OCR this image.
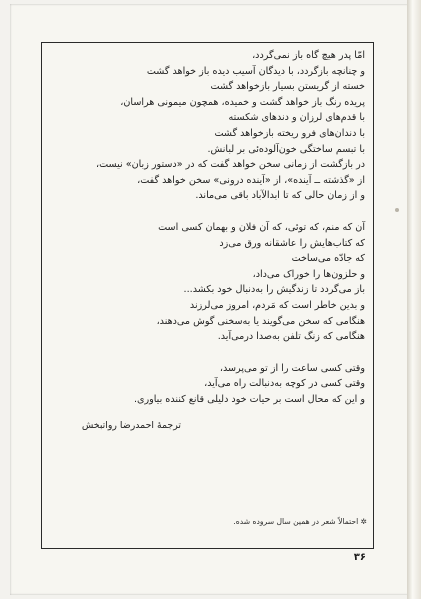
امّا پدر هیچ گاه باز نمی‌گردد،
و چنانچه بازگردد، با دیدگان آسیب دیده باز خواهد گشت
خسته از گریستن بسیار بازخواهد گشت
پریده رنگ باز خواهد گشت و خمیده، همچون میمونی هراسان،
با قدم‌های لرزان و دندهای شکسته
با دندان‌های فرو ریخته بازخواهد گشت
با تبسم ساختگی خون‌آلوده‌ئی بر لبانش.
در بازگشت از زمانی سخن خواهد گفت که در «دستور زبان» نیست،
از «گذشته ــ آینده»، از «آینده درونی» سخن خواهد گفت،
و از زمان حالی که تا ابدالآباد باقی می‌ماند.
آن که منم، که توئی، که آن فلان و بهمان کسی است
که کتاب‌هایش را عاشقانه ورق می‌زد
که جادّه می‌ساخت
و حلزون‌ها را خوراک می‌داد،
باز می‌گردد تا زندگیش را به‌دنبال خود بکشد...
و بدین خاطر است که مَردم، امروز می‌لرزند
هنگامی که سخن می‌گویند یا به‌سخنی گوش می‌دهند،
هنگامی که زنگ تلفن به‌صدا درمی‌آید.
وقتی کسی ساعت را از تو می‌پرسد،
وقتی کسی در کوچه به‌دنبالت راه می‌آید،
و این که محال است بر حیات خود دلیلی قانع کننده بیاوری.
ترجمهٔ احمدرضا رواتبخش
✲ احتمالاً شعر در همین سال سروده شده.
۳۶
